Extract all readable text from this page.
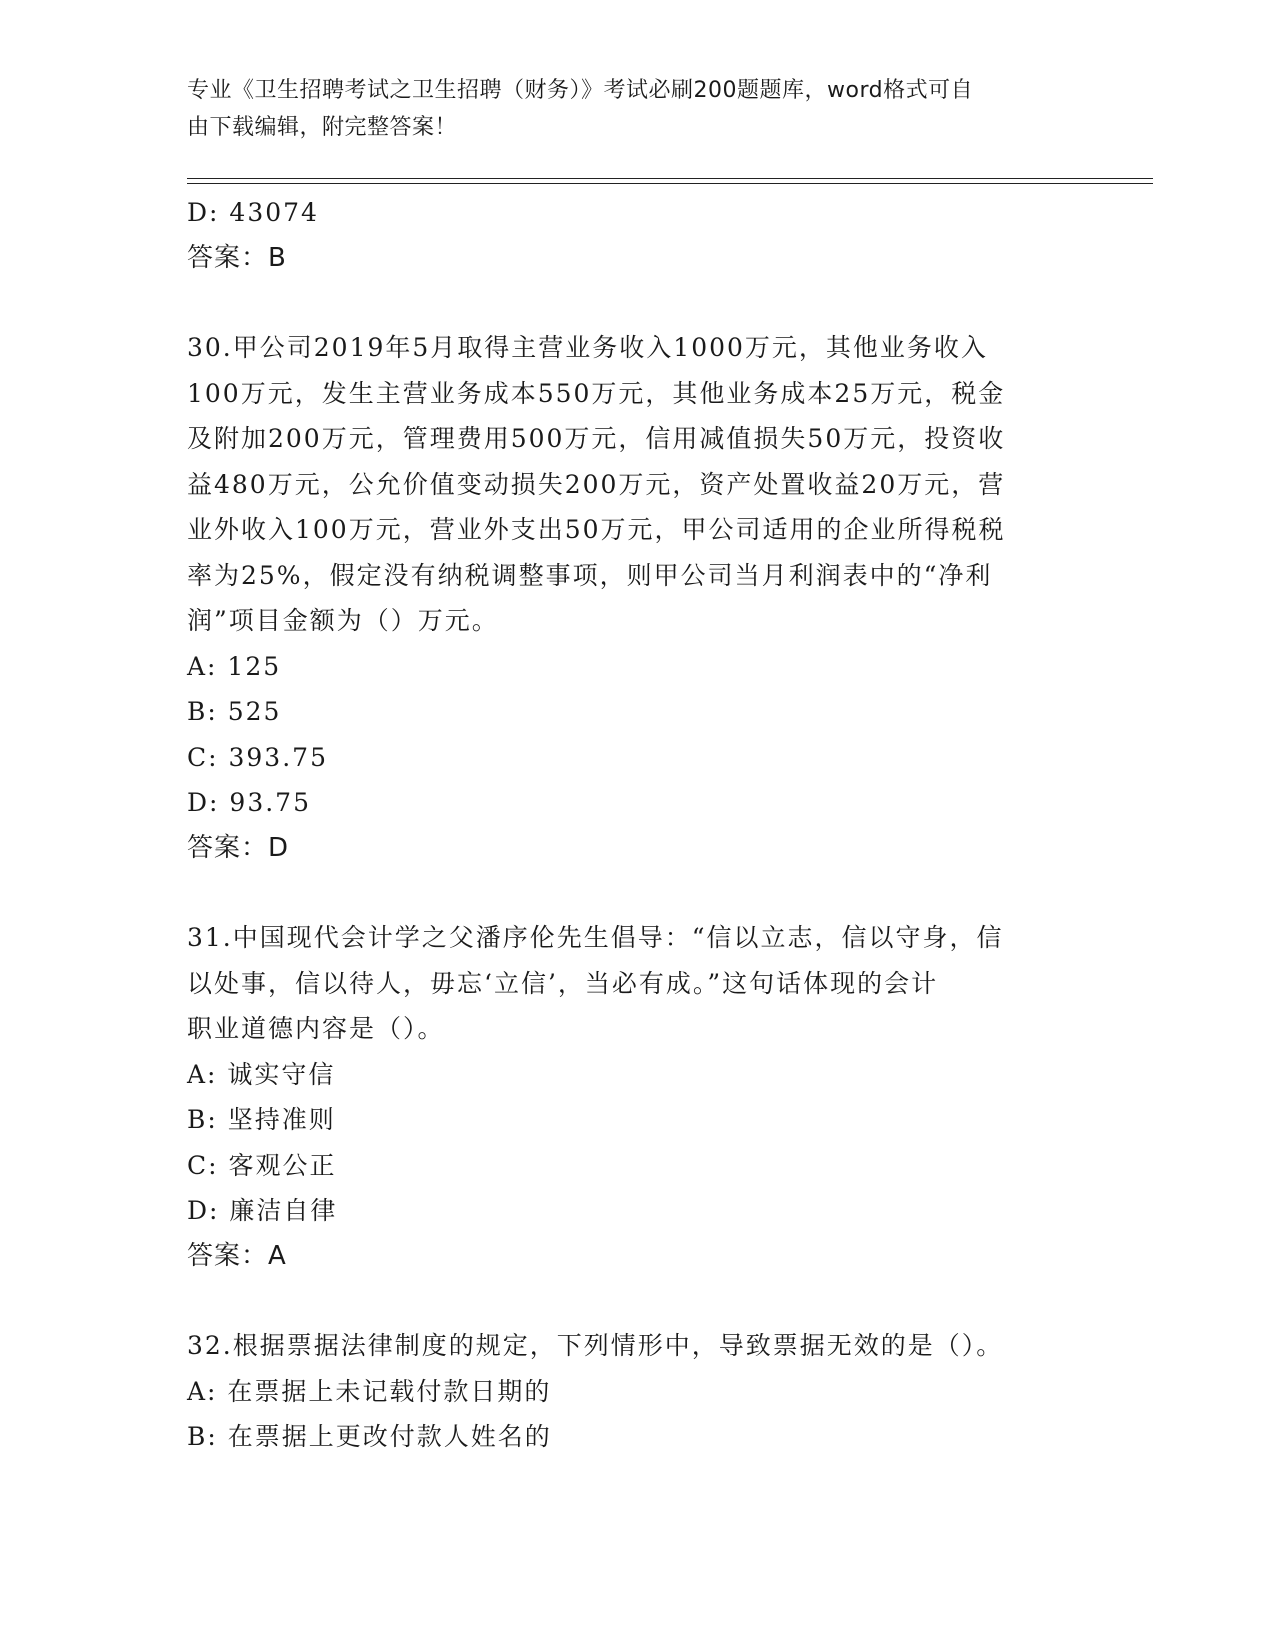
专业《卫生招聘考试之卫生招聘（财务）》考试必刷200题题库，word格式可自
由下载编辑，附完整答案！
D: 43074
答案：B
30.甲公司2019年5月取得主营业务收入1000万元，其他业务收入
100万元，发生主营业务成本550万元，其他业务成本25万元，税金
及附加200万元，管理费用500万元，信用减值损失50万元，投资收
益480万元，公允价值变动损失200万元，资产处置收益20万元，营
业外收入100万元，营业外支出50万元，甲公司适用的企业所得税税
率为25%，假定没有纳税调整事项，则甲公司当月利润表中的“净利
润”项目金额为（）万元。
A: 125
B: 525
C: 393.75
D: 93.75
答案：D
31.中国现代会计学之父潘序伦先生倡导：“信以立志，信以守身，信
以处事，信以待人，毋忘‘立信’，当必有成。”这句话体现的会计
职业道德内容是（）。
A: 诚实守信
B: 坚持准则
C: 客观公正
D: 廉洁自律
答案：A
32.根据票据法律制度的规定，下列情形中，导致票据无效的是（）。
A: 在票据上未记载付款日期的
B: 在票据上更改付款人姓名的
